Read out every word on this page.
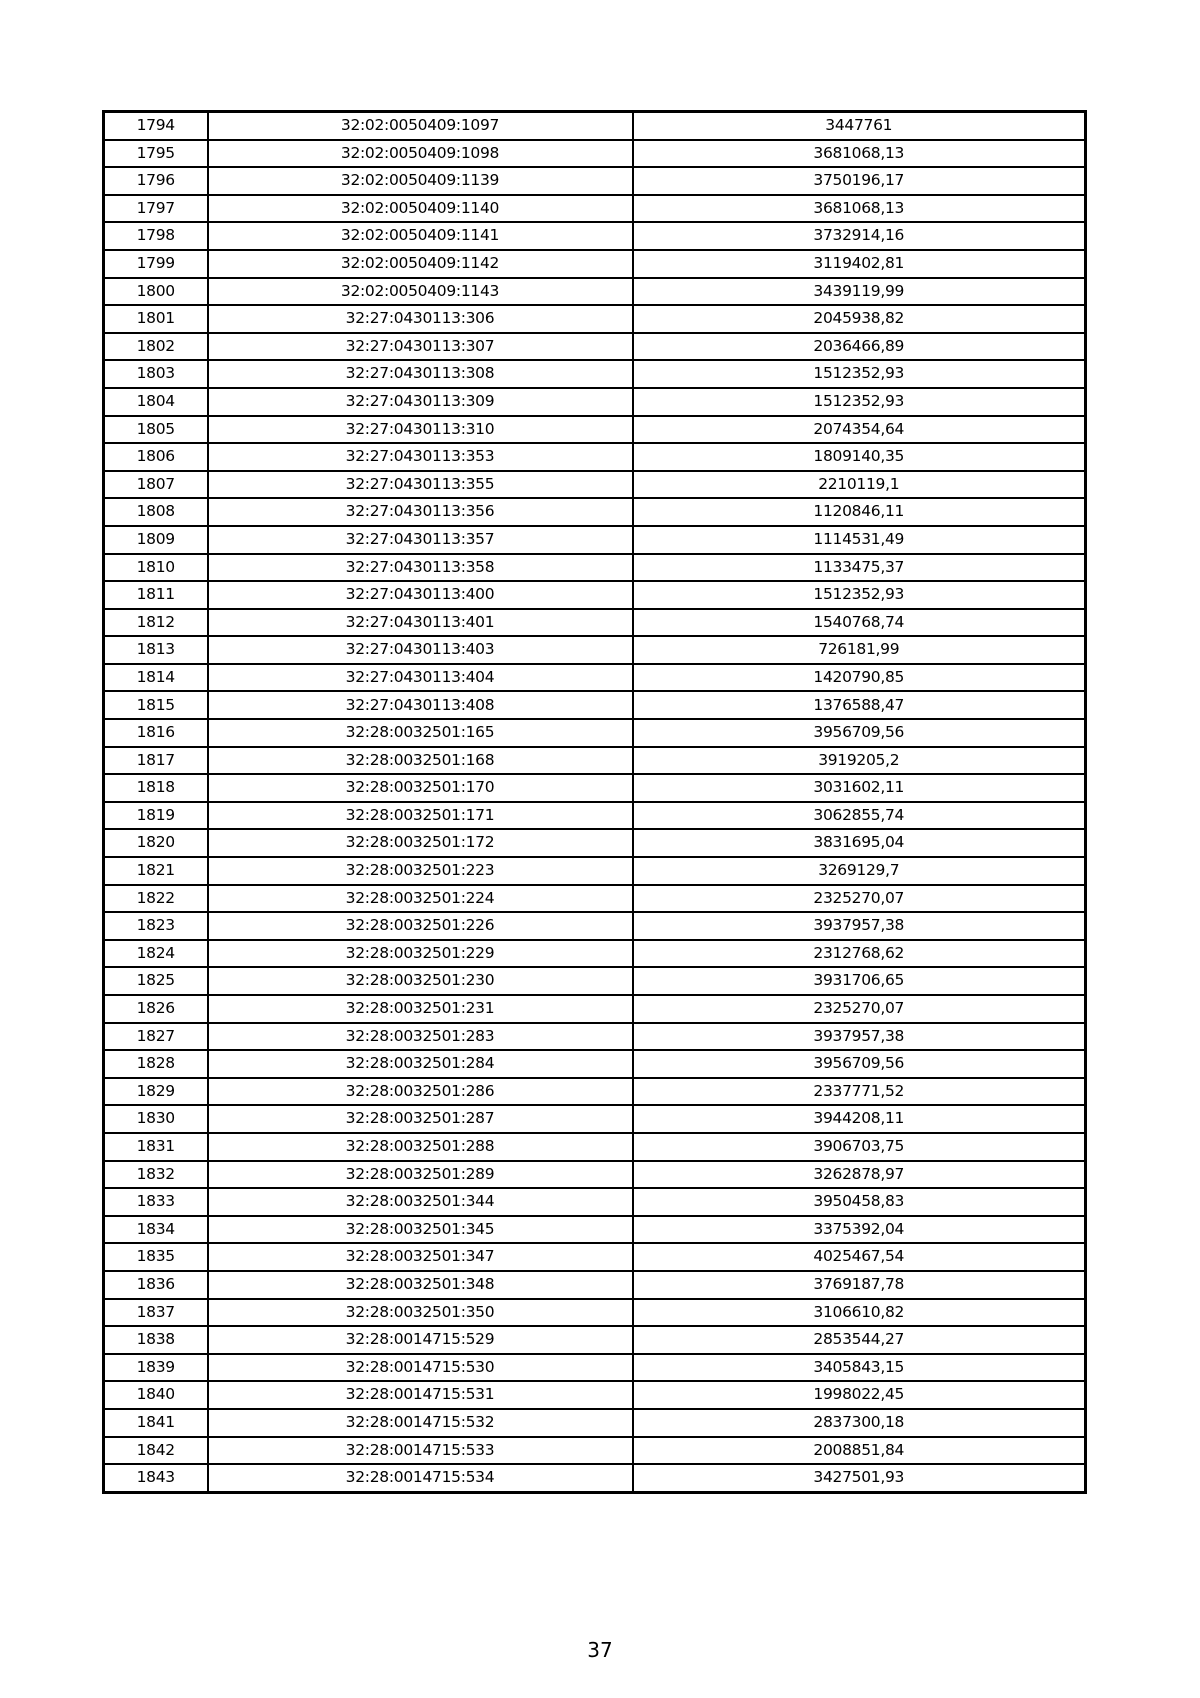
1794	32:02:0050409:1097	3447761
1795	32:02:0050409:1098	3681068,13
1796	32:02:0050409:1139	3750196,17
1797	32:02:0050409:1140	3681068,13
1798	32:02:0050409:1141	3732914,16
1799	32:02:0050409:1142	3119402,81
1800	32:02:0050409:1143	3439119,99
1801	32:27:0430113:306	2045938,82
1802	32:27:0430113:307	2036466,89
1803	32:27:0430113:308	1512352,93
1804	32:27:0430113:309	1512352,93
1805	32:27:0430113:310	2074354,64
1806	32:27:0430113:353	1809140,35
1807	32:27:0430113:355	2210119,1
1808	32:27:0430113:356	1120846,11
1809	32:27:0430113:357	1114531,49
1810	32:27:0430113:358	1133475,37
1811	32:27:0430113:400	1512352,93
1812	32:27:0430113:401	1540768,74
1813	32:27:0430113:403	726181,99
1814	32:27:0430113:404	1420790,85
1815	32:27:0430113:408	1376588,47
1816	32:28:0032501:165	3956709,56
1817	32:28:0032501:168	3919205,2
1818	32:28:0032501:170	3031602,11
1819	32:28:0032501:171	3062855,74
1820	32:28:0032501:172	3831695,04
1821	32:28:0032501:223	3269129,7
1822	32:28:0032501:224	2325270,07
1823	32:28:0032501:226	3937957,38
1824	32:28:0032501:229	2312768,62
1825	32:28:0032501:230	3931706,65
1826	32:28:0032501:231	2325270,07
1827	32:28:0032501:283	3937957,38
1828	32:28:0032501:284	3956709,56
1829	32:28:0032501:286	2337771,52
1830	32:28:0032501:287	3944208,11
1831	32:28:0032501:288	3906703,75
1832	32:28:0032501:289	3262878,97
1833	32:28:0032501:344	3950458,83
1834	32:28:0032501:345	3375392,04
1835	32:28:0032501:347	4025467,54
1836	32:28:0032501:348	3769187,78
1837	32:28:0032501:350	3106610,82
1838	32:28:0014715:529	2853544,27
1839	32:28:0014715:530	3405843,15
1840	32:28:0014715:531	1998022,45
1841	32:28:0014715:532	2837300,18
1842	32:28:0014715:533	2008851,84
1843	32:28:0014715:534	3427501,93
37
